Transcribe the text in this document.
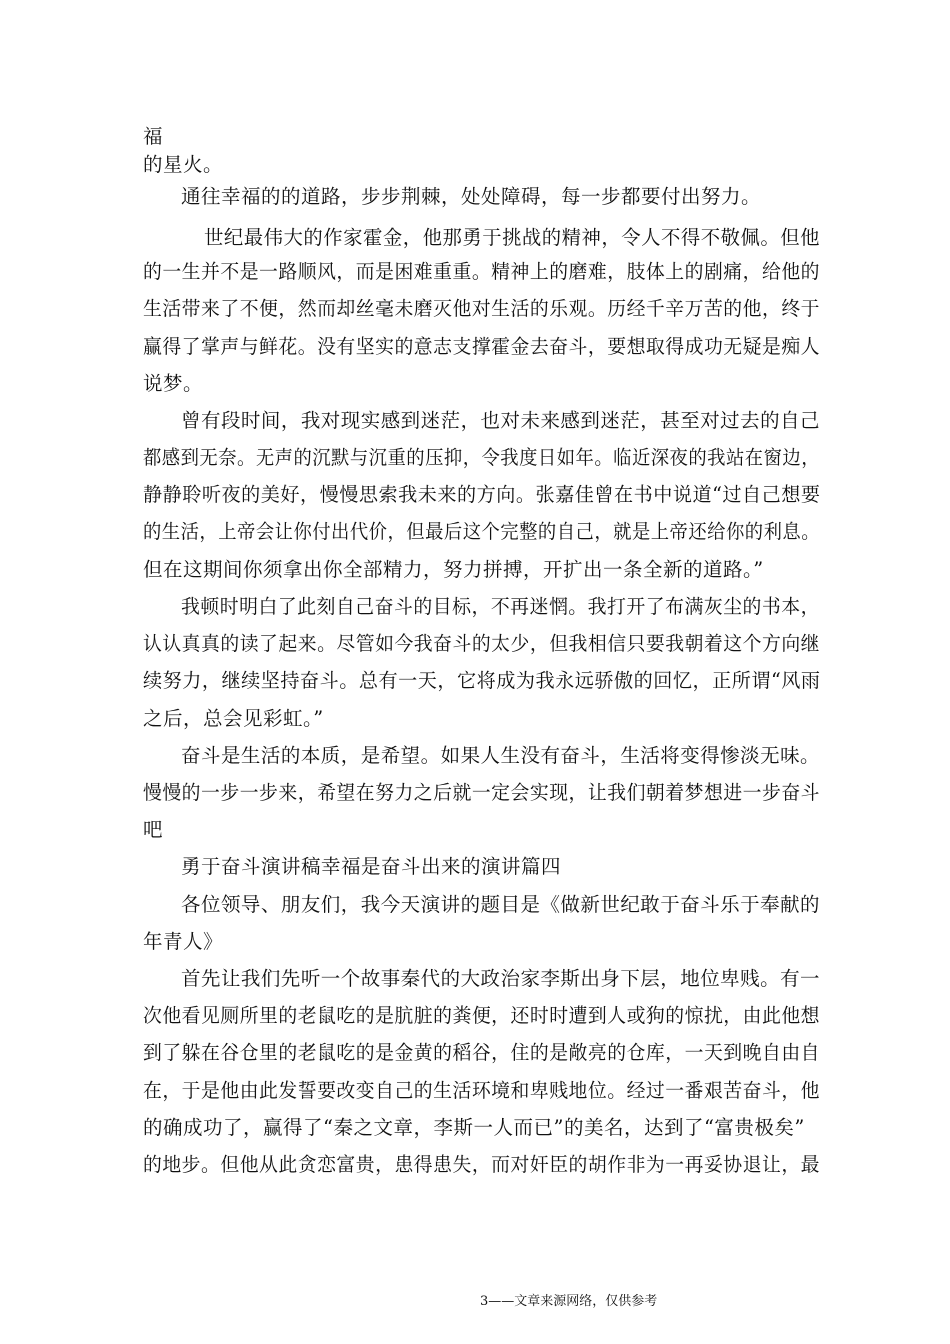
福
的星火。
通往幸福的的道路，步步荆棘，处处障碍，每一步都要付出努力。
世纪最伟大的作家霍金，他那勇于挑战的精神，令人不得不敬佩。但他
的一生并不是一路顺风，而是困难重重。精神上的磨难，肢体上的剧痛，给他的
生活带来了不便，然而却丝毫未磨灭他对生活的乐观。历经千辛万苦的他，终于
赢得了掌声与鲜花。没有坚实的意志支撑霍金去奋斗，要想取得成功无疑是痴人
说梦。
曾有段时间，我对现实感到迷茫，也对未来感到迷茫，甚至对过去的自己
都感到无奈。无声的沉默与沉重的压抑，令我度日如年。临近深夜的我站在窗边，
静静聆听夜的美好，慢慢思索我未来的方向。张嘉佳曾在书中说道“过自己想要
的生活，上帝会让你付出代价，但最后这个完整的自己，就是上帝还给你的利息。
但在这期间你须拿出你全部精力，努力拼搏，开扩出一条全新的道路。”
我顿时明白了此刻自己奋斗的目标，不再迷惘。我打开了布满灰尘的书本，
认认真真的读了起来。尽管如今我奋斗的太少，但我相信只要我朝着这个方向继
续努力，继续坚持奋斗。总有一天，它将成为我永远骄傲的回忆，正所谓“风雨
之后，总会见彩虹。”
奋斗是生活的本质，是希望。如果人生没有奋斗，生活将变得惨淡无味。
慢慢的一步一步来，希望在努力之后就一定会实现，让我们朝着梦想进一步奋斗
吧
勇于奋斗演讲稿幸福是奋斗出来的演讲篇四
各位领导、朋友们，我今天演讲的题目是《做新世纪敢于奋斗乐于奉献的
年青人》
首先让我们先听一个故事秦代的大政治家李斯出身下层，地位卑贱。有一
次他看见厕所里的老鼠吃的是肮脏的粪便，还时时遭到人或狗的惊扰，由此他想
到了躲在谷仓里的老鼠吃的是金黄的稻谷，住的是敞亮的仓库，一天到晚自由自
在，于是他由此发誓要改变自己的生活环境和卑贱地位。经过一番艰苦奋斗，他
的确成功了，赢得了“秦之文章，李斯一人而已”的美名，达到了“富贵极矣”
的地步。但他从此贪恋富贵，患得患失，而对奸臣的胡作非为一再妥协退让，最
3——文章来源网络，仅供参考
